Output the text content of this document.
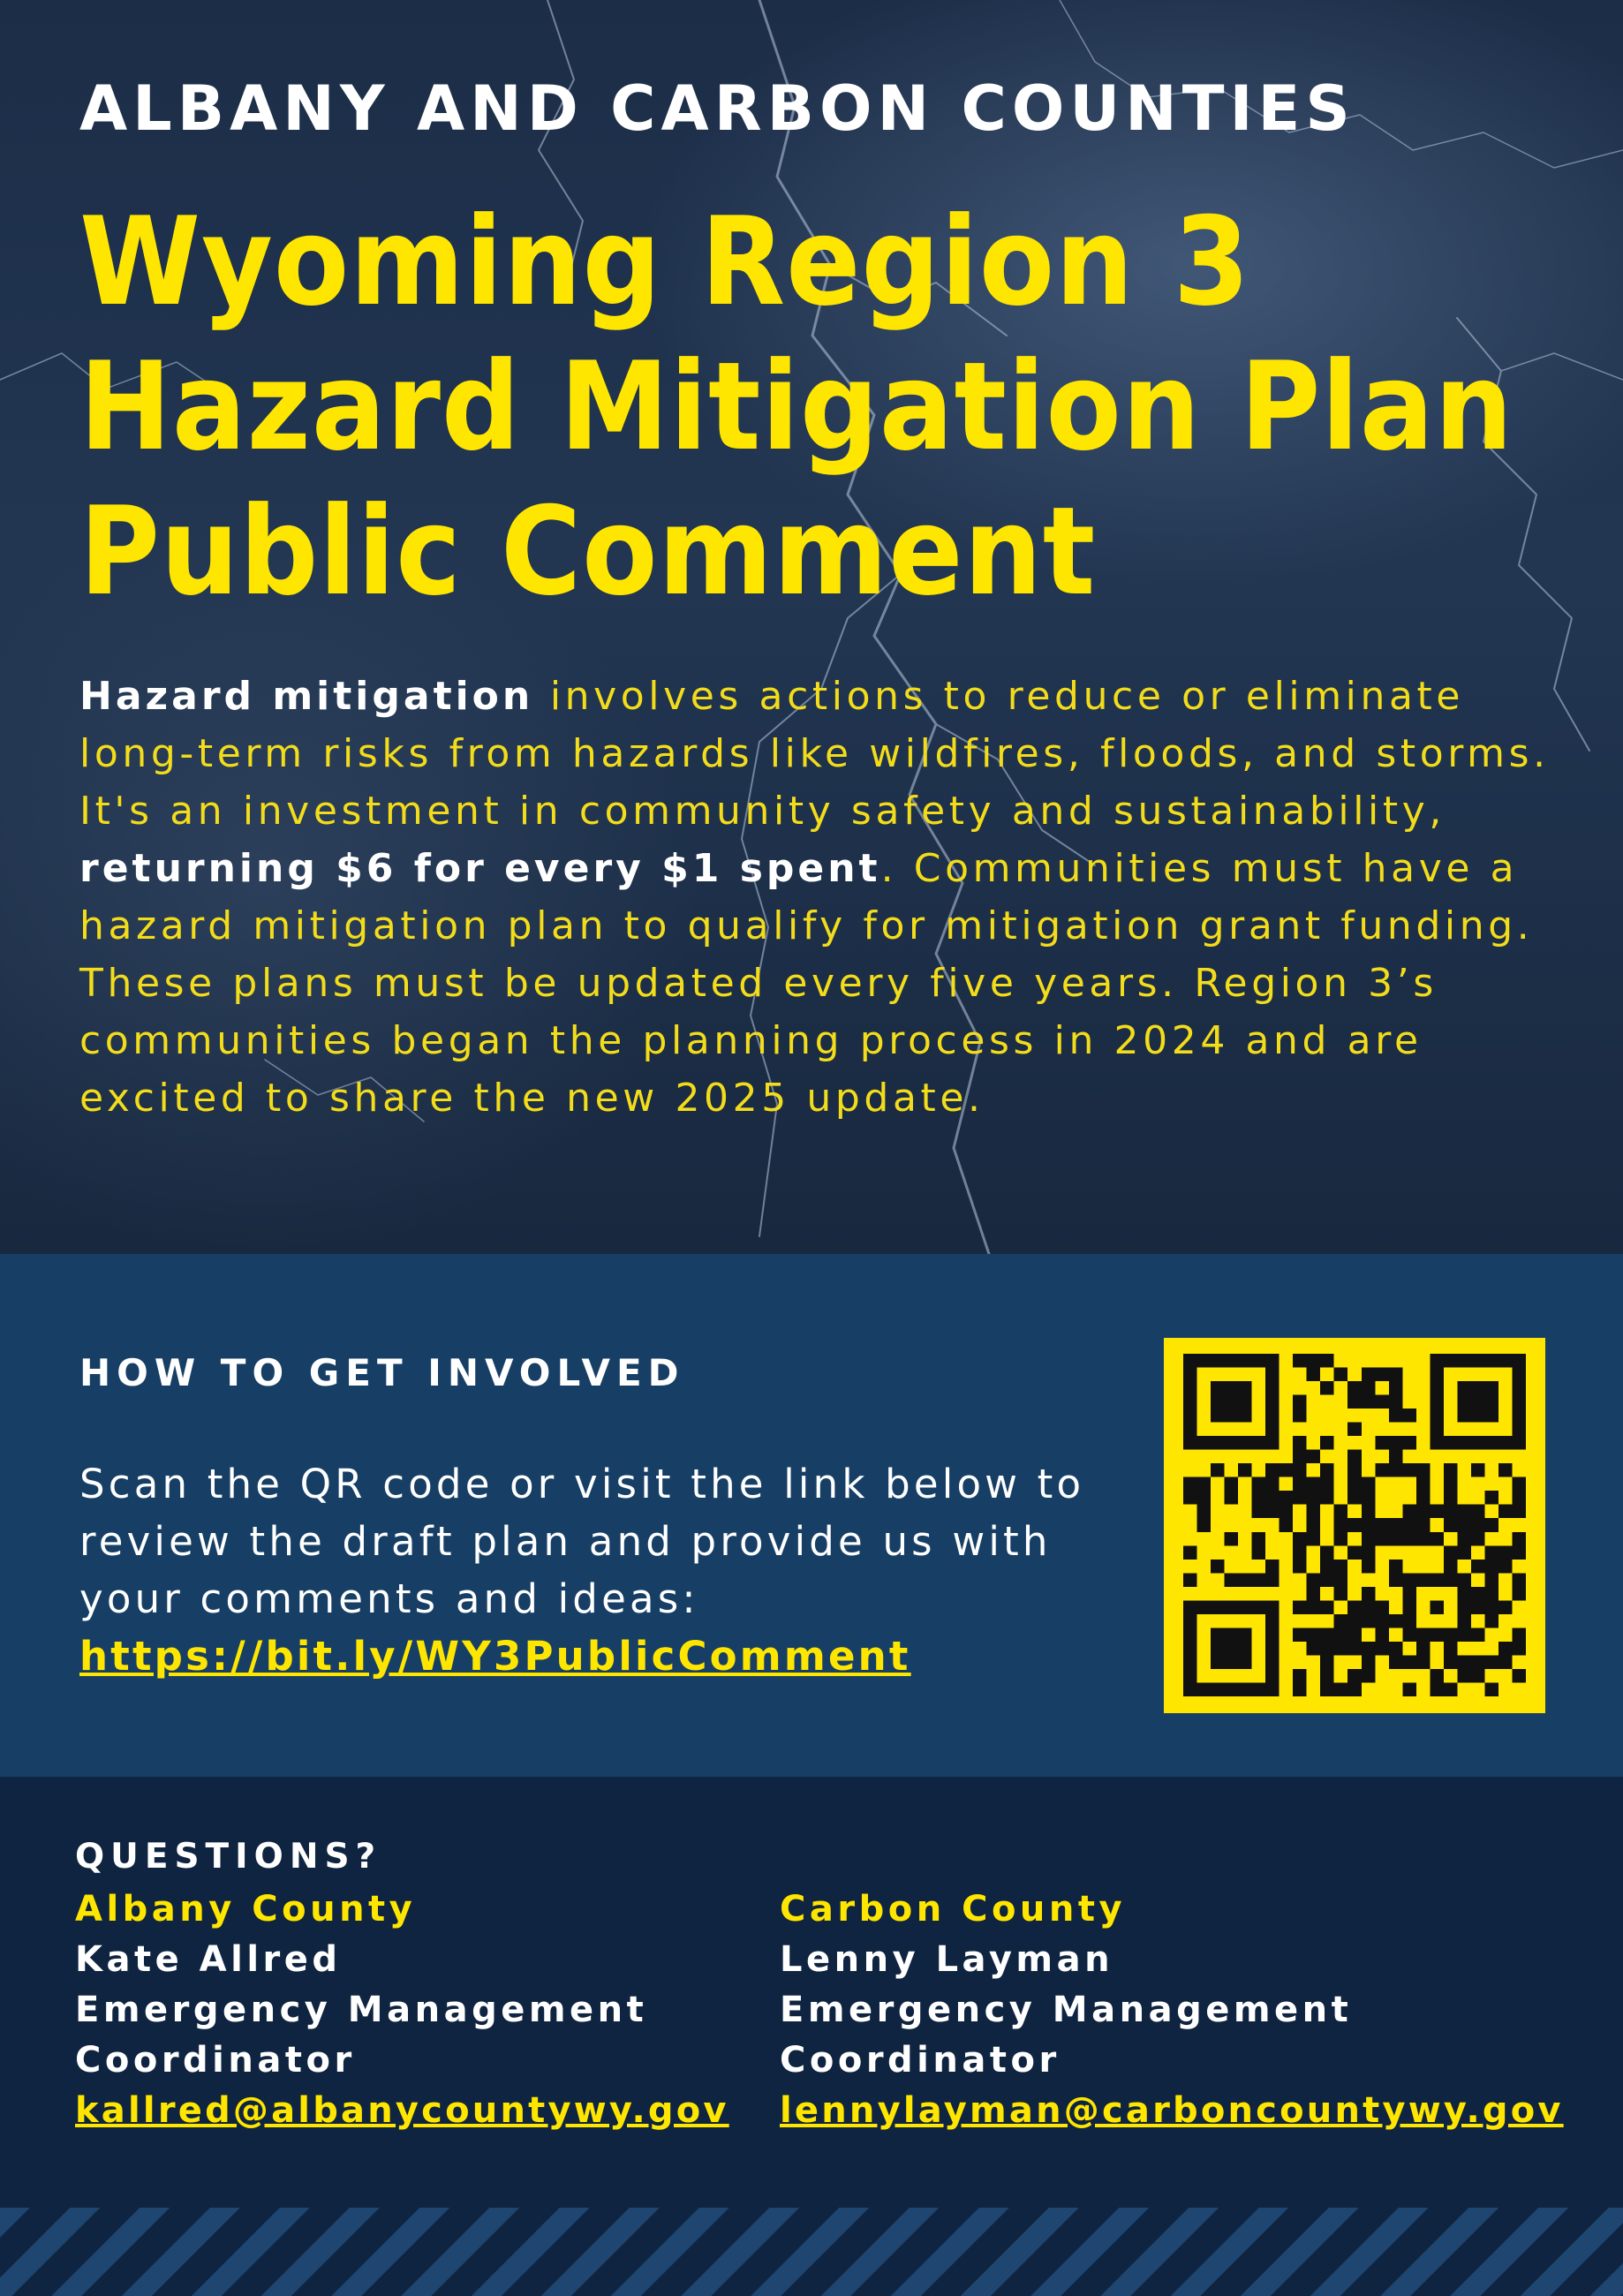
ALBANY AND CARBON COUNTIES
Wyoming Region 3
Hazard Mitigation Plan
Public Comment

Hazard mitigation involves actions to reduce or eliminate long-term risks from hazards like wildfires, floods, and storms. It's an investment in community safety and sustainability, returning $6 for every $1 spent. Communities must have a hazard mitigation plan to qualify for mitigation grant funding. These plans must be updated every five years. Region 3’s communities began the planning process in 2024 and are excited to share the new 2025 update.

HOW TO GET INVOLVED

Scan the QR code or visit the link below to review the draft plan and provide us with your comments and ideas:
https://bit.ly/WY3PublicComment

QUESTIONS?
Albany County
Kate Allred
Emergency Management
Coordinator
kallred@albanycountywy.gov
Carbon County
Lenny Layman
Emergency Management
Coordinator
lennylayman@carboncountywy.gov
